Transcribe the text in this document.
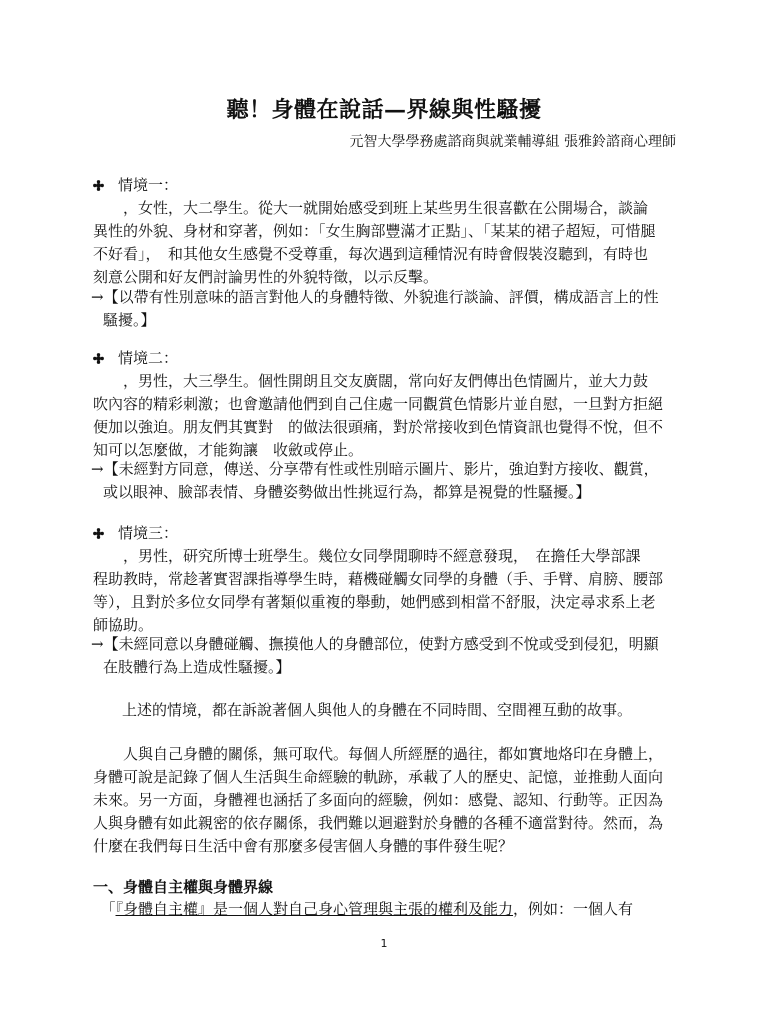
聽！身體在說話—界線與性騷擾
元智大學學務處諮商與就業輔導組 張雅鈴諮商心理師
情境一：
　　，女性，大二學生。從大一就開始感受到班上某些男生很喜歡在公開場合，談論
異性的外貌、身材和穿著，例如：「女生胸部豐滿才正點」、「某某的裙子超短，可惜腿
不好看」，　和其他女生感覺不受尊重，每次遇到這種情況有時會假裝沒聽到，有時也
刻意公開和好友們討論男性的外貌特徵，以示反擊。
→【以帶有性別意味的語言對他人的身體特徵、外貌進行談論、評價，構成語言上的性
騷擾。】
情境二：
　　，男性，大三學生。個性開朗且交友廣闊，常向好友們傳出色情圖片，並大力鼓
吹內容的精彩刺激；也會邀請他們到自己住處一同觀賞色情影片並自慰，一旦對方拒絕
便加以強迫。朋友們其實對　的做法很頭痛，對於常接收到色情資訊也覺得不悅，但不
知可以怎麼做，才能夠讓　收斂或停止。
→【未經對方同意，傳送、分享帶有性或性別暗示圖片、影片，強迫對方接收、觀賞，
或以眼神、臉部表情、身體姿勢做出性挑逗行為，都算是視覺的性騷擾。】
情境三：
　　，男性，研究所博士班學生。幾位女同學閒聊時不經意發現，　在擔任大學部課
程助教時，常趁著實習課指導學生時，藉機碰觸女同學的身體（手、手臂、肩膀、腰部
等），且對於多位女同學有著類似重複的舉動，她們感到相當不舒服，決定尋求系上老
師協助。
→【未經同意以身體碰觸、撫摸他人的身體部位，使對方感受到不悅或受到侵犯，明顯
在肢體行為上造成性騷擾。】
上述的情境，都在訴說著個人與他人的身體在不同時間、空間裡互動的故事。
　　人與自己身體的關係，無可取代。每個人所經歷的過往，都如實地烙印在身體上，
身體可說是記錄了個人生活與生命經驗的軌跡，承載了人的歷史、記憶，並推動人面向
未來。另一方面，身體裡也涵括了多面向的經驗，例如：感覺、認知、行動等。正因為
人與身體有如此親密的依存關係，我們難以迴避對於身體的各種不適當對待。然而，為
什麼在我們每日生活中會有那麼多侵害個人身體的事件發生呢？
一、身體自主權與身體界線
　「『身體自主權』是一個人對自己身心管理與主張的權利及能力，例如：一個人有
1
